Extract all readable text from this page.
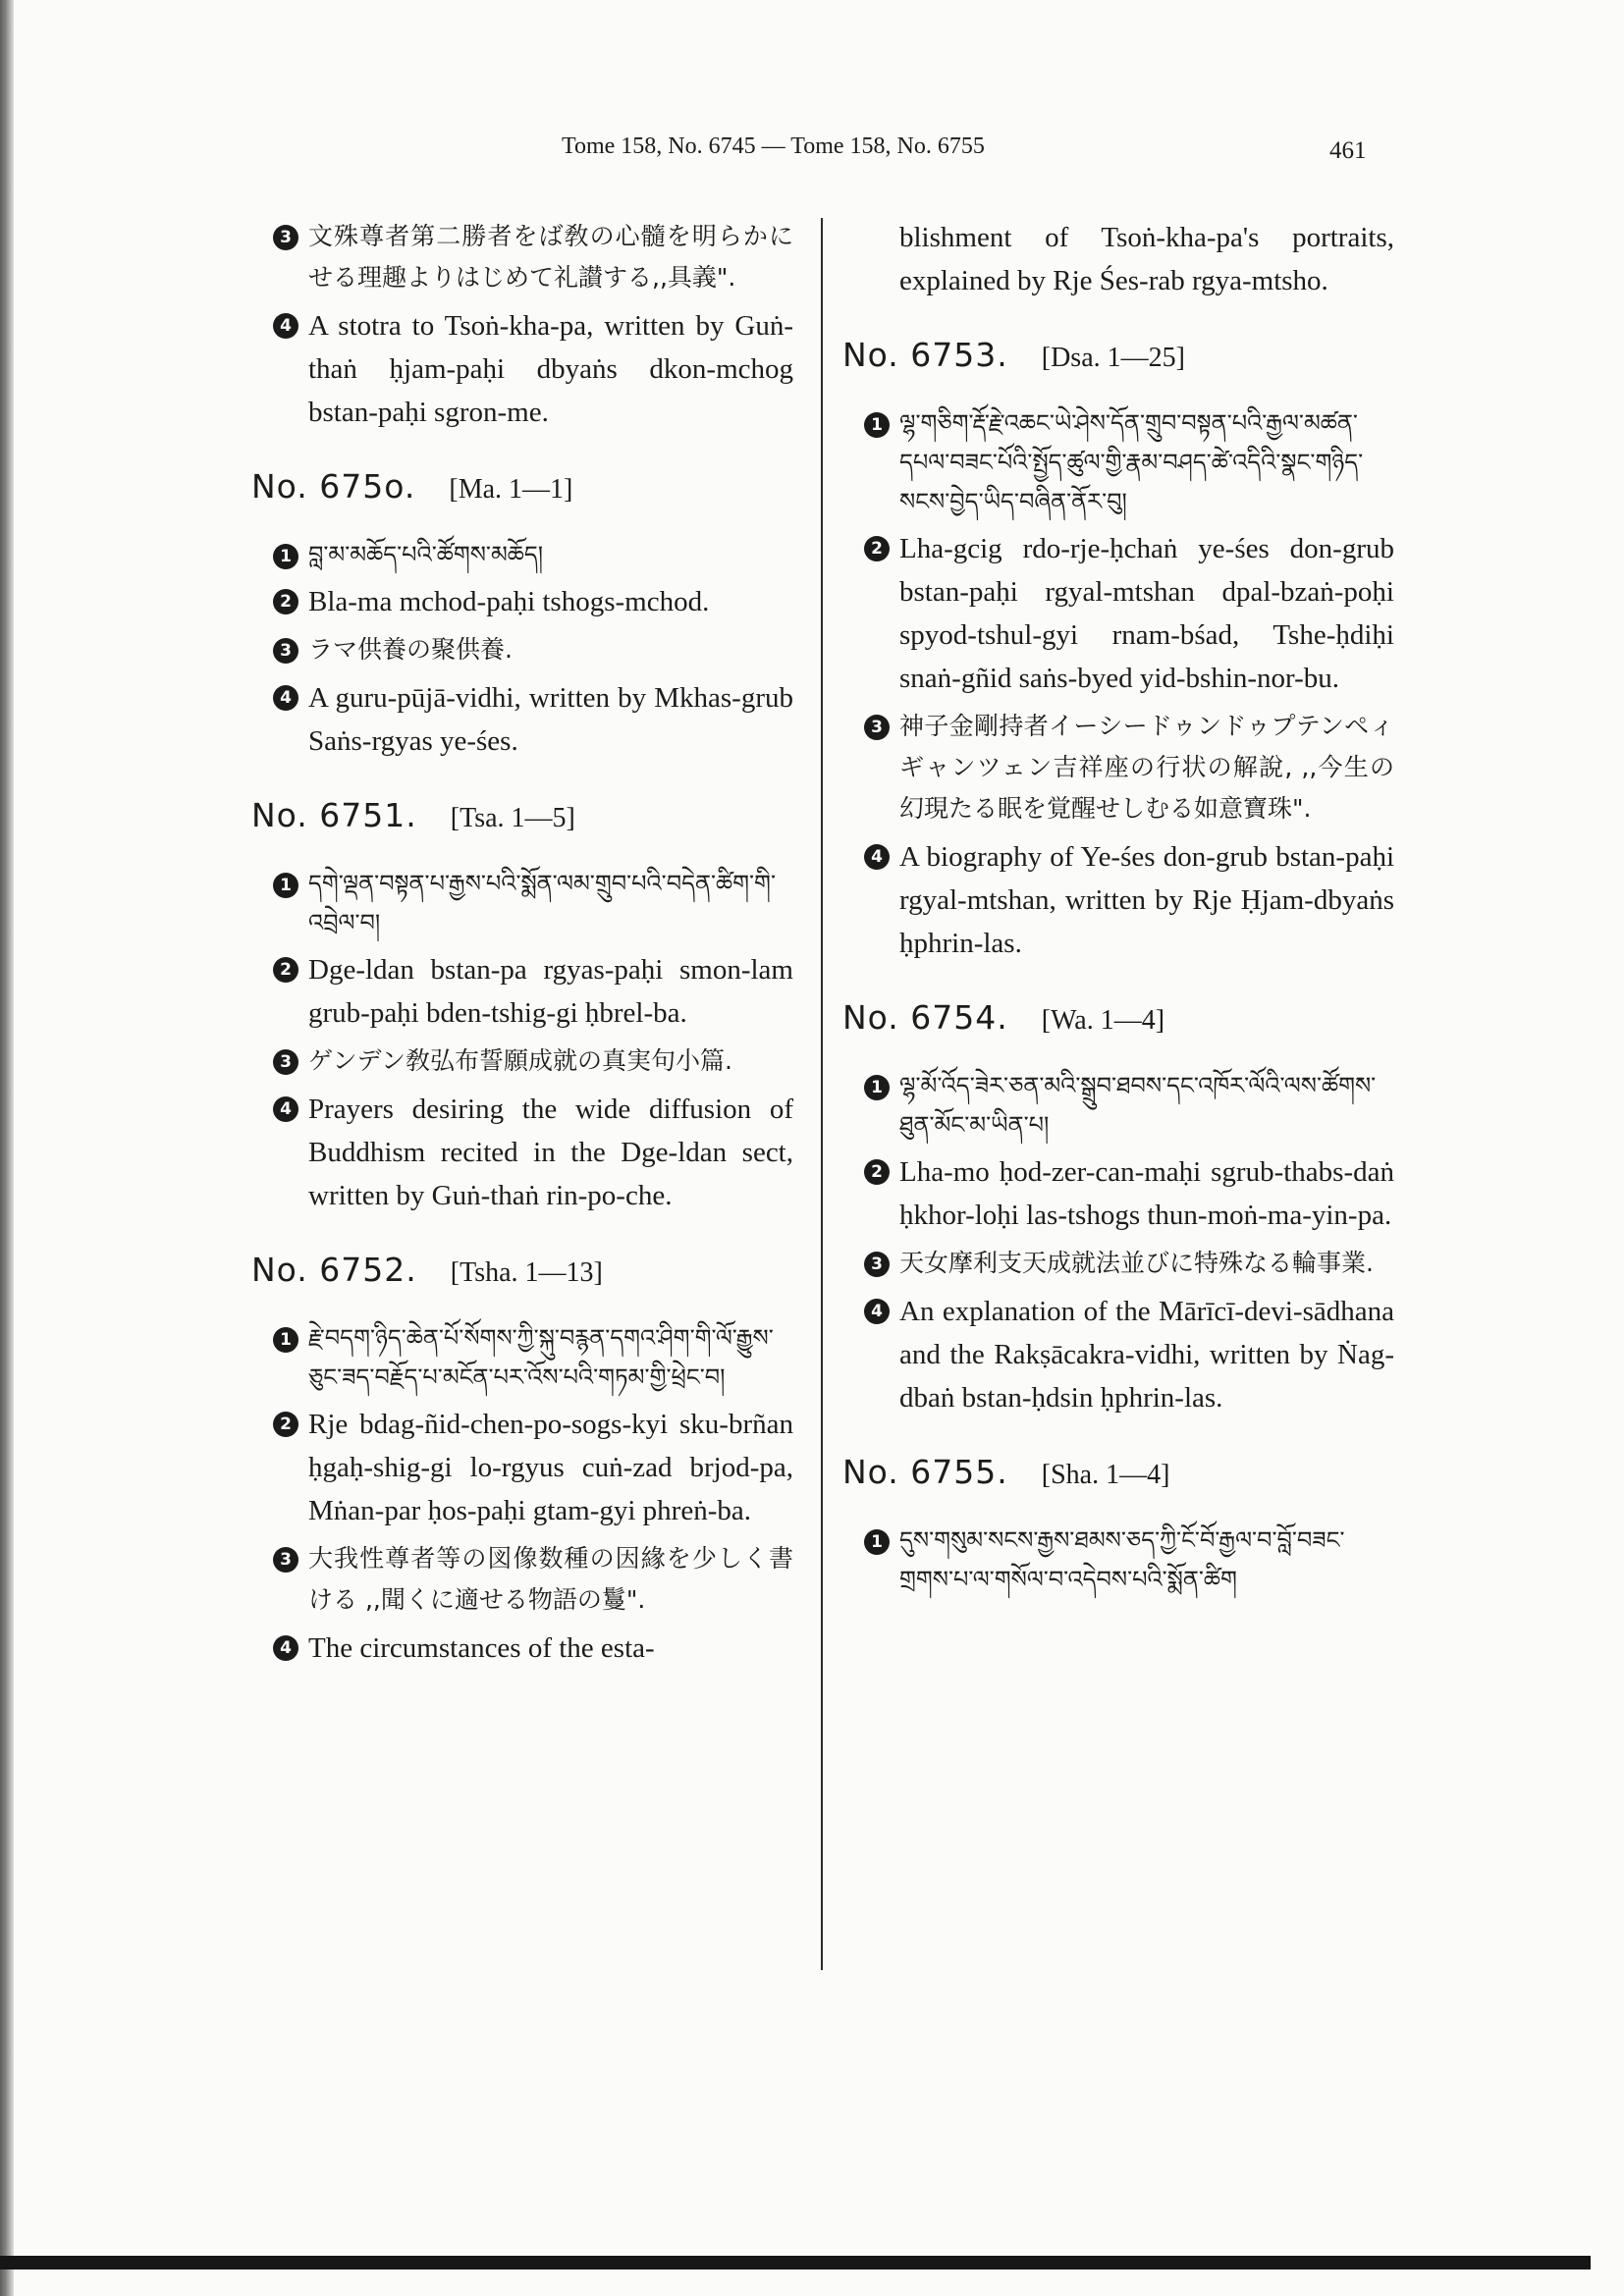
Tome 158, No. 6745 — Tome 158, No. 6755	461
3 文殊尊者第二勝者をば敎の心髓を明らかにせる理趣よりはじめて礼讃する,,具義".
4 A stotra to Tsoṅ-kha-pa, written by Guṅ-thaṅ ḥjam-paḥi dbyaṅs dkon-mchog bstan-paḥi sgron-me.
No. 675o. [Ma. 1—1]
1 བླ་མ་མཆོད་པའི་ཚོགས་མཆོད།
2 Bla-ma mchod-paḥi tshogs-mchod.
3 ラマ供養の聚供養.
4 A guru-pūjā-vidhi, written by Mkhas-grub Saṅs-rgyas ye-śes.
No. 6751. [Tsa. 1—5]
1 དགེ་ལྡན་བསྟན་པ་རྒྱས་པའི་སྨོན་ལམ་གྲུབ་པའི་བདེན་ཚིག་གི་འབྲེལ་བ།
2 Dge-ldan bstan-pa rgyas-paḥi smon-lam grub-paḥi bden-tshig-gi ḥbrel-ba.
3 ゲンデン敎弘布誓願成就の真実句小篇.
4 Prayers desiring the wide diffusion of Buddhism recited in the Dge-ldan sect, written by Guṅ-thaṅ rin-po-che.
No. 6752. [Tsha. 1—13]
1 རྗེ་བདག་ཉིད་ཆེན་པོ་སོགས་ཀྱི་སྐུ་བརྙན་དགའ་ཤིག་གི་ལོ་རྒྱུས་ཅུང་ཟད་བརྗོད་པ་མངོན་པར་འོས་པའི་གཏམ་གྱི་ཕྲེང་བ།
2 Rje bdag-ñid-chen-po-sogs-kyi sku-brñan ḥgaḥ-shig-gi lo-rgyus cuṅ-zad brjod-pa, Mṅan-par ḥos-paḥi gtam-gyi phreṅ-ba.
3 大我性尊者等の図像数種の因緣を少しく書ける ,,聞くに適せる物語の鬘".
4 The circumstances of the esta-
blishment of Tsoṅ-kha-pa's portraits, explained by Rje Śes-rab rgya-mtsho.
No. 6753. [Dsa. 1—25]
1 ལྷ་གཅིག་རྡོ་རྗེ་འཆང་ཡེ་ཤེས་དོན་གྲུབ་བསྟན་པའི་རྒྱལ་མཚན་དཔལ་བཟང་པོའི་སྤྱོད་ཚུལ་གྱི་རྣམ་བཤད་ཚེ་འདིའི་སྣང་གཉིད་སངས་བྱེད་ཡིད་བཞིན་ནོར་བུ།
2 Lha-gcig rdo-rje-ḥchaṅ ye-śes don-grub bstan-paḥi rgyal-mtshan dpal-bzaṅ-poḥi spyod-tshul-gyi rnam-bśad, Tshe-ḥdiḥi snaṅ-gñid saṅs-byed yid-bshin-nor-bu.
3 神子金剛持者イーシードゥンドゥプテンペィギャンツェン吉祥座の行状の解說, ,,今生の幻現たる眠を覚醒せしむる如意寶珠".
4 A biography of Ye-śes don-grub bstan-paḥi rgyal-mtshan, written by Rje Ḥjam-dbyaṅs ḥphrin-las.
No. 6754. [Wa. 1—4]
1 ལྷ་མོ་འོད་ཟེར་ཅན་མའི་སྒྲུབ་ཐབས་དང་འཁོར་ལོའི་ལས་ཚོགས་ཐུན་མོང་མ་ཡིན་པ།
2 Lha-mo ḥod-zer-can-maḥi sgrub-thabs-daṅ ḥkhor-loḥi las-tshogs thun-moṅ-ma-yin-pa.
3 天女摩利支天成就法並びに特殊なる輪事業.
4 An explanation of the Mārīcī-devi-sādhana and the Rakṣācakra-vidhi, written by Ṅag-dbaṅ bstan-ḥdsin ḥphrin-las.
No. 6755. [Sha. 1—4]
1 དུས་གསུམ་སངས་རྒྱས་ཐམས་ཅད་ཀྱི་ངོ་བོ་རྒྱལ་བ་བློ་བཟང་གྲགས་པ་ལ་གསོལ་བ་འདེབས་པའི་སྨོན་ཚིག
